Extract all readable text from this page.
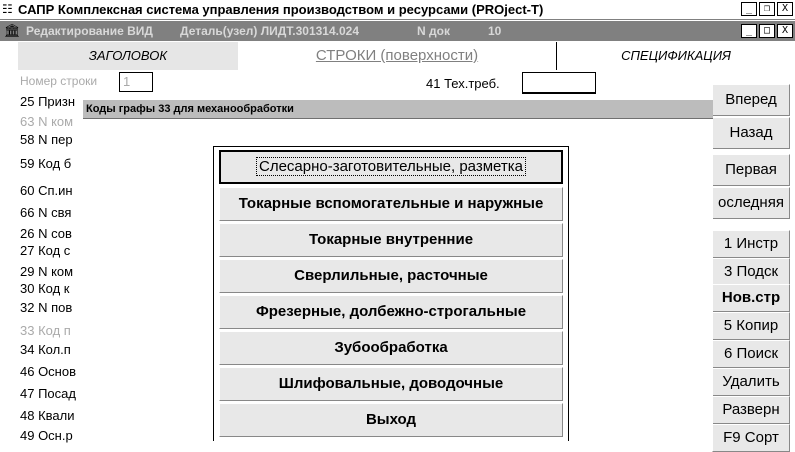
☷ САПР Комплексная система управления производством и ресурсами (PROject-T)	_	❒	X
🏛 Редактирование ВИД Деталь(узел) ЛИДТ.301314.024	N док	10	_	□	X
ЗАГОЛОВОК	СТРОКИ (поверхности)	СПЕЦИФИКАЦИЯ
Номер строки	1	41 Тех.треб.
25 Призн
63 N ком
58 N пер
59 Код б
60 Сп.ин
66 N свя
26 N сов
27 Код с
29 N ком
30 Код к
32 N пов
33 Код п
34 Кол.п
46 Основ
47 Посад
48 Квали
49 Осн.р
Вперед
Назад
Первая
оследняя
1 Инстр
3 Подск
Нов.стр
5 Копир
6 Поиск
Удалить
Разверн
F9 Сорт
Коды графы 33 для механообработки
Слесарно-заготовительные, разметка
Токарные вспомогательные и наружные
Токарные внутренние
Сверлильные, расточные
Фрезерные, долбежно-строгальные
Зубообработка
Шлифовальные, доводочные
Выход
